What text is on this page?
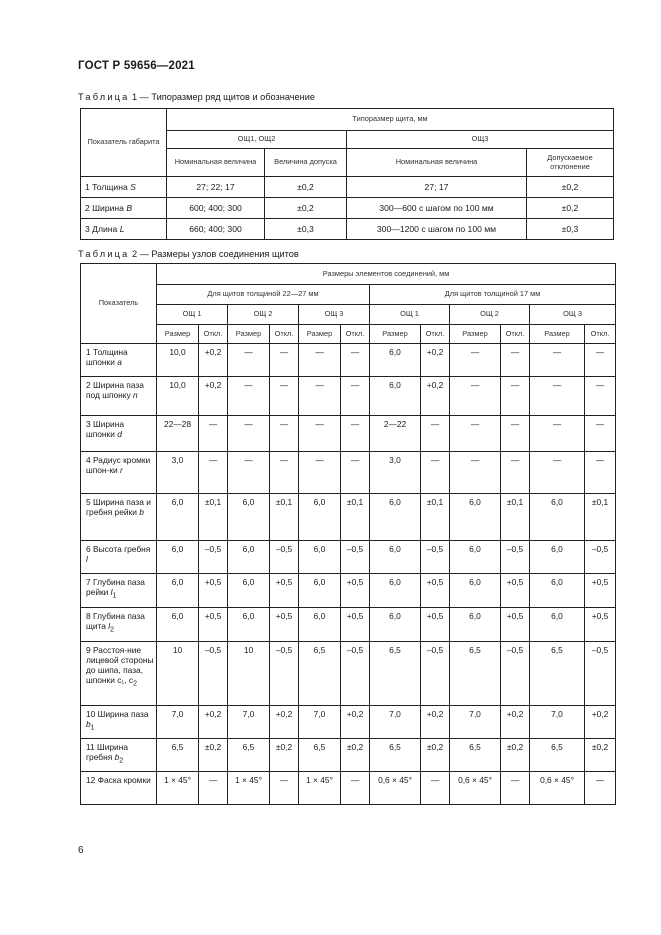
ГОСТ Р 59656—2021
Таблица 1 — Типоразмер ряд щитов и обозначение
Показатель габарита	Типоразмер щита, мм			
	ОЩ1, ОЩ2		ОЩ3	
	Номинальная величина	Величина допуска	Номинальная величина	Допускаемое отклонение
1 Толщина S	27; 22; 17	±0,2	27; 17	±0,2
2 Ширина B	600; 400; 300	±0,2	300—600 с шагом по 100 мм	±0,2
3 Длина L	660; 400; 300	±0,3	300—1200 с шагом по 100 мм	±0,3
Таблица 2 — Размеры узлов соединения щитов
Показатель	Размеры элементов соединений, мм											
	Для щитов толщиной 22—27 мм						Для щитов толщиной 17 мм					
	ОЩ 1		ОЩ 2		ОЩ 3		ОЩ 1		ОЩ 2		ОЩ 3	
	Размер	Откл.	Размер	Откл.	Размер	Откл.	Размер	Откл.	Размер	Откл.	Размер	Откл.
1 Толщина шпонки a	10,0	+0,2	—	—	—	—	6,0	+0,2	—	—	—	—
2 Ширина паза под шпонку n	10,0	+0,2	—	—	—	—	6,0	+0,2	—	—	—	—
3 Ширина шпонки d	22—28	—	—	—	—	—	2—22	—	—	—	—	—
4 Радиус кромки шпон-ки r	3,0	—	—	—	—	—	3,0	—	—	—	—	—
5 Ширина паза и гребня рейки b	6,0	±0,1	6,0	±0,1	6,0	±0,1	6,0	±0,1	6,0	±0,1	6,0	±0,1
6 Высота гребня l	6,0	–0,5	6,0	–0,5	6,0	–0,5	6,0	–0,5	6,0	–0,5	6,0	–0,5
7 Глубина паза рейки $l_1$	6,0	+0,5	6,0	+0,5	6,0	+0,5	6,0	+0,5	6,0	+0,5	6,0	+0,5
8 Глубина паза щита $l_2$	6,0	+0,5	6,0	+0,5	6,0	+0,5	6,0	+0,5	6,0	+0,5	6,0	+0,5
9 Расстоя-ние лицевой стороны до шипа, паза, шпонки c₁, $c_2$	10	–0,5	10	–0,5	6,5	–0,5	6,5	–0,5	6,5	–0,5	6,5	–0,5
10 Ширина паза $b_1$	7,0	+0,2	7,0	+0,2	7,0	+0,2	7,0	+0,2	7,0	+0,2	7,0	+0,2
11 Ширина гребня $b_2$	6,5	±0,2	6,5	±0,2	6,5	±0,2	6,5	±0,2	6,5	±0,2	6,5	±0,2
12 Фаска кромки	1 × 45°	—	1 × 45°	—	1 × 45°	—	0,6 × 45°	—	0,6 × 45°	—	0,6 × 45°	—
6
